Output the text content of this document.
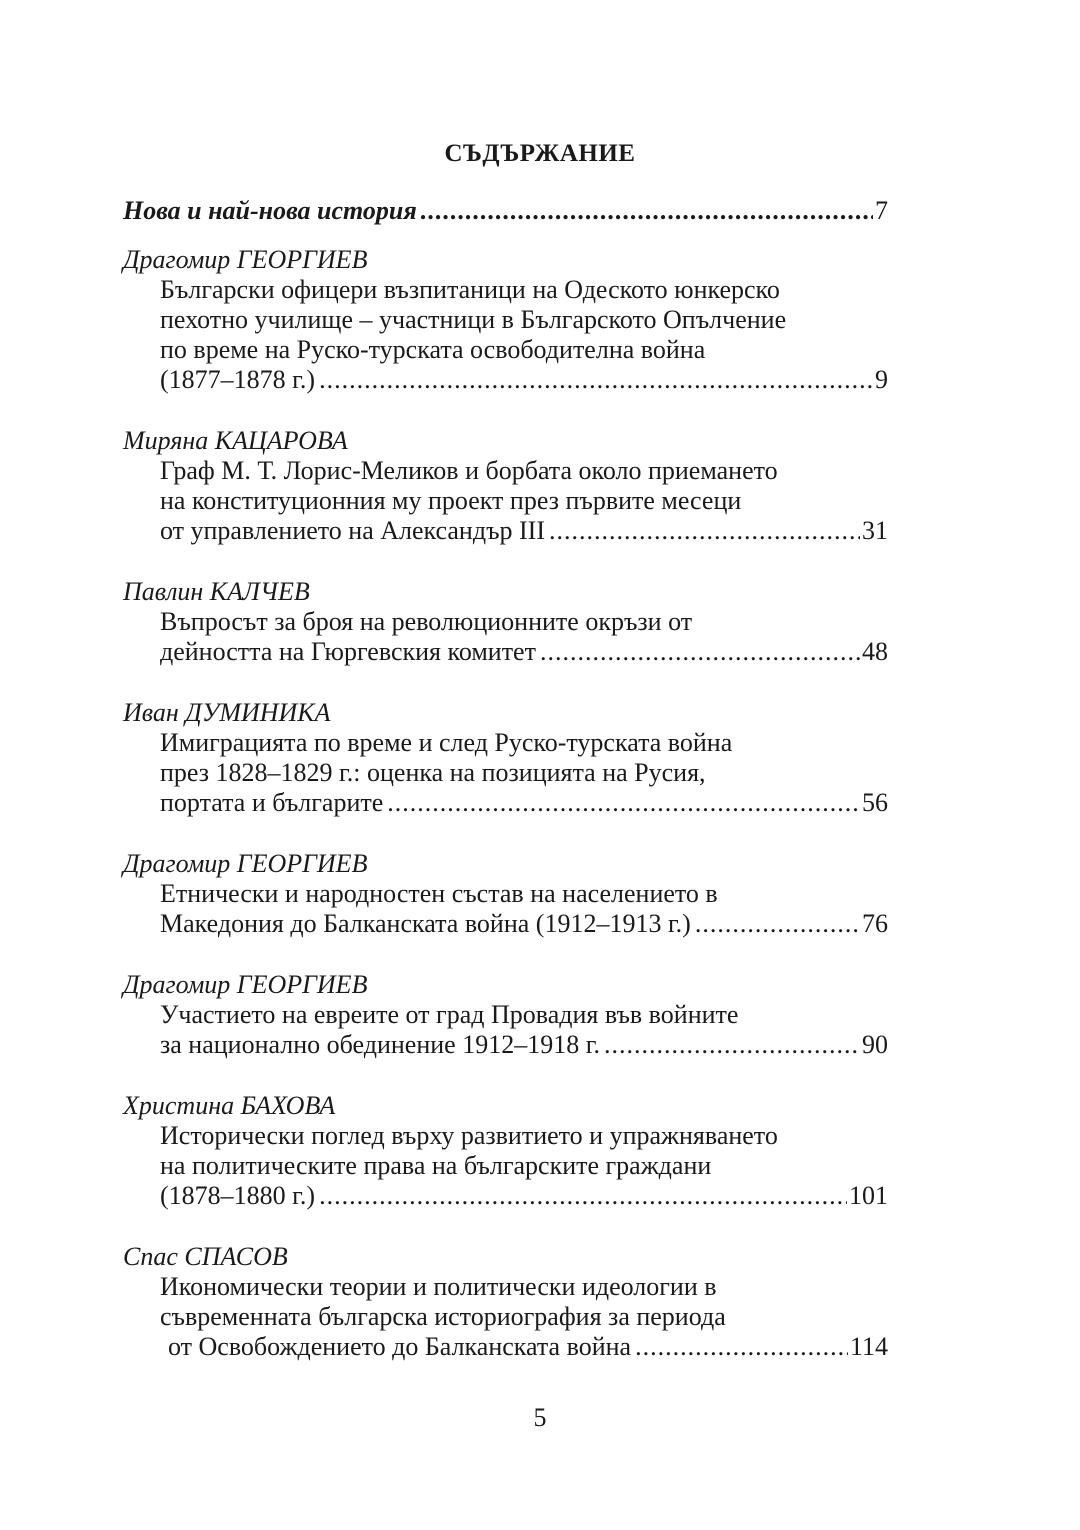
СЪДЪРЖАНИЕ
Нова и най-нова история .....	7
Драгомир ГЕОРГИЕВ
Български офицери възпитаници на Одеското юнкерско
пехотно училище – участници в Българското Опълчение
по време на Руско-турската освободителна война
(1877–1878 г.) .....	9
Миряна КАЦАРОВА
Граф М. Т. Лорис-Меликов и борбата около приемането
на конституционния му проект през първите месеци
от управлението на Александър III .....	31
Павлин КАЛЧЕВ
Въпросът за броя на революционните окръзи от
дейността на Гюргевския комитет .....	48
Иван ДУМИНИКА
Имиграцията по време и след Руско-турската война
през 1828–1829 г.: оценка на позицията на Русия,
портата и българите .....	56
Драгомир ГЕОРГИЕВ
Етнически и народностен състав на населението в
Македония до Балканската война (1912–1913 г.) .....	76
Драгомир ГЕОРГИЕВ
Участието на евреите от град Провадия във войните
за национално обединение 1912–1918 г. .....	90
Христина БАХОВА
Исторически поглед върху развитието и упражняването
на политическите права на българските граждани
(1878–1880 г.) .....	101
Спас СПАСОВ
Икономически теории и политически идеологии в
съвременната българска историография за периода
от Освобождението до Балканската война .....	114
5
